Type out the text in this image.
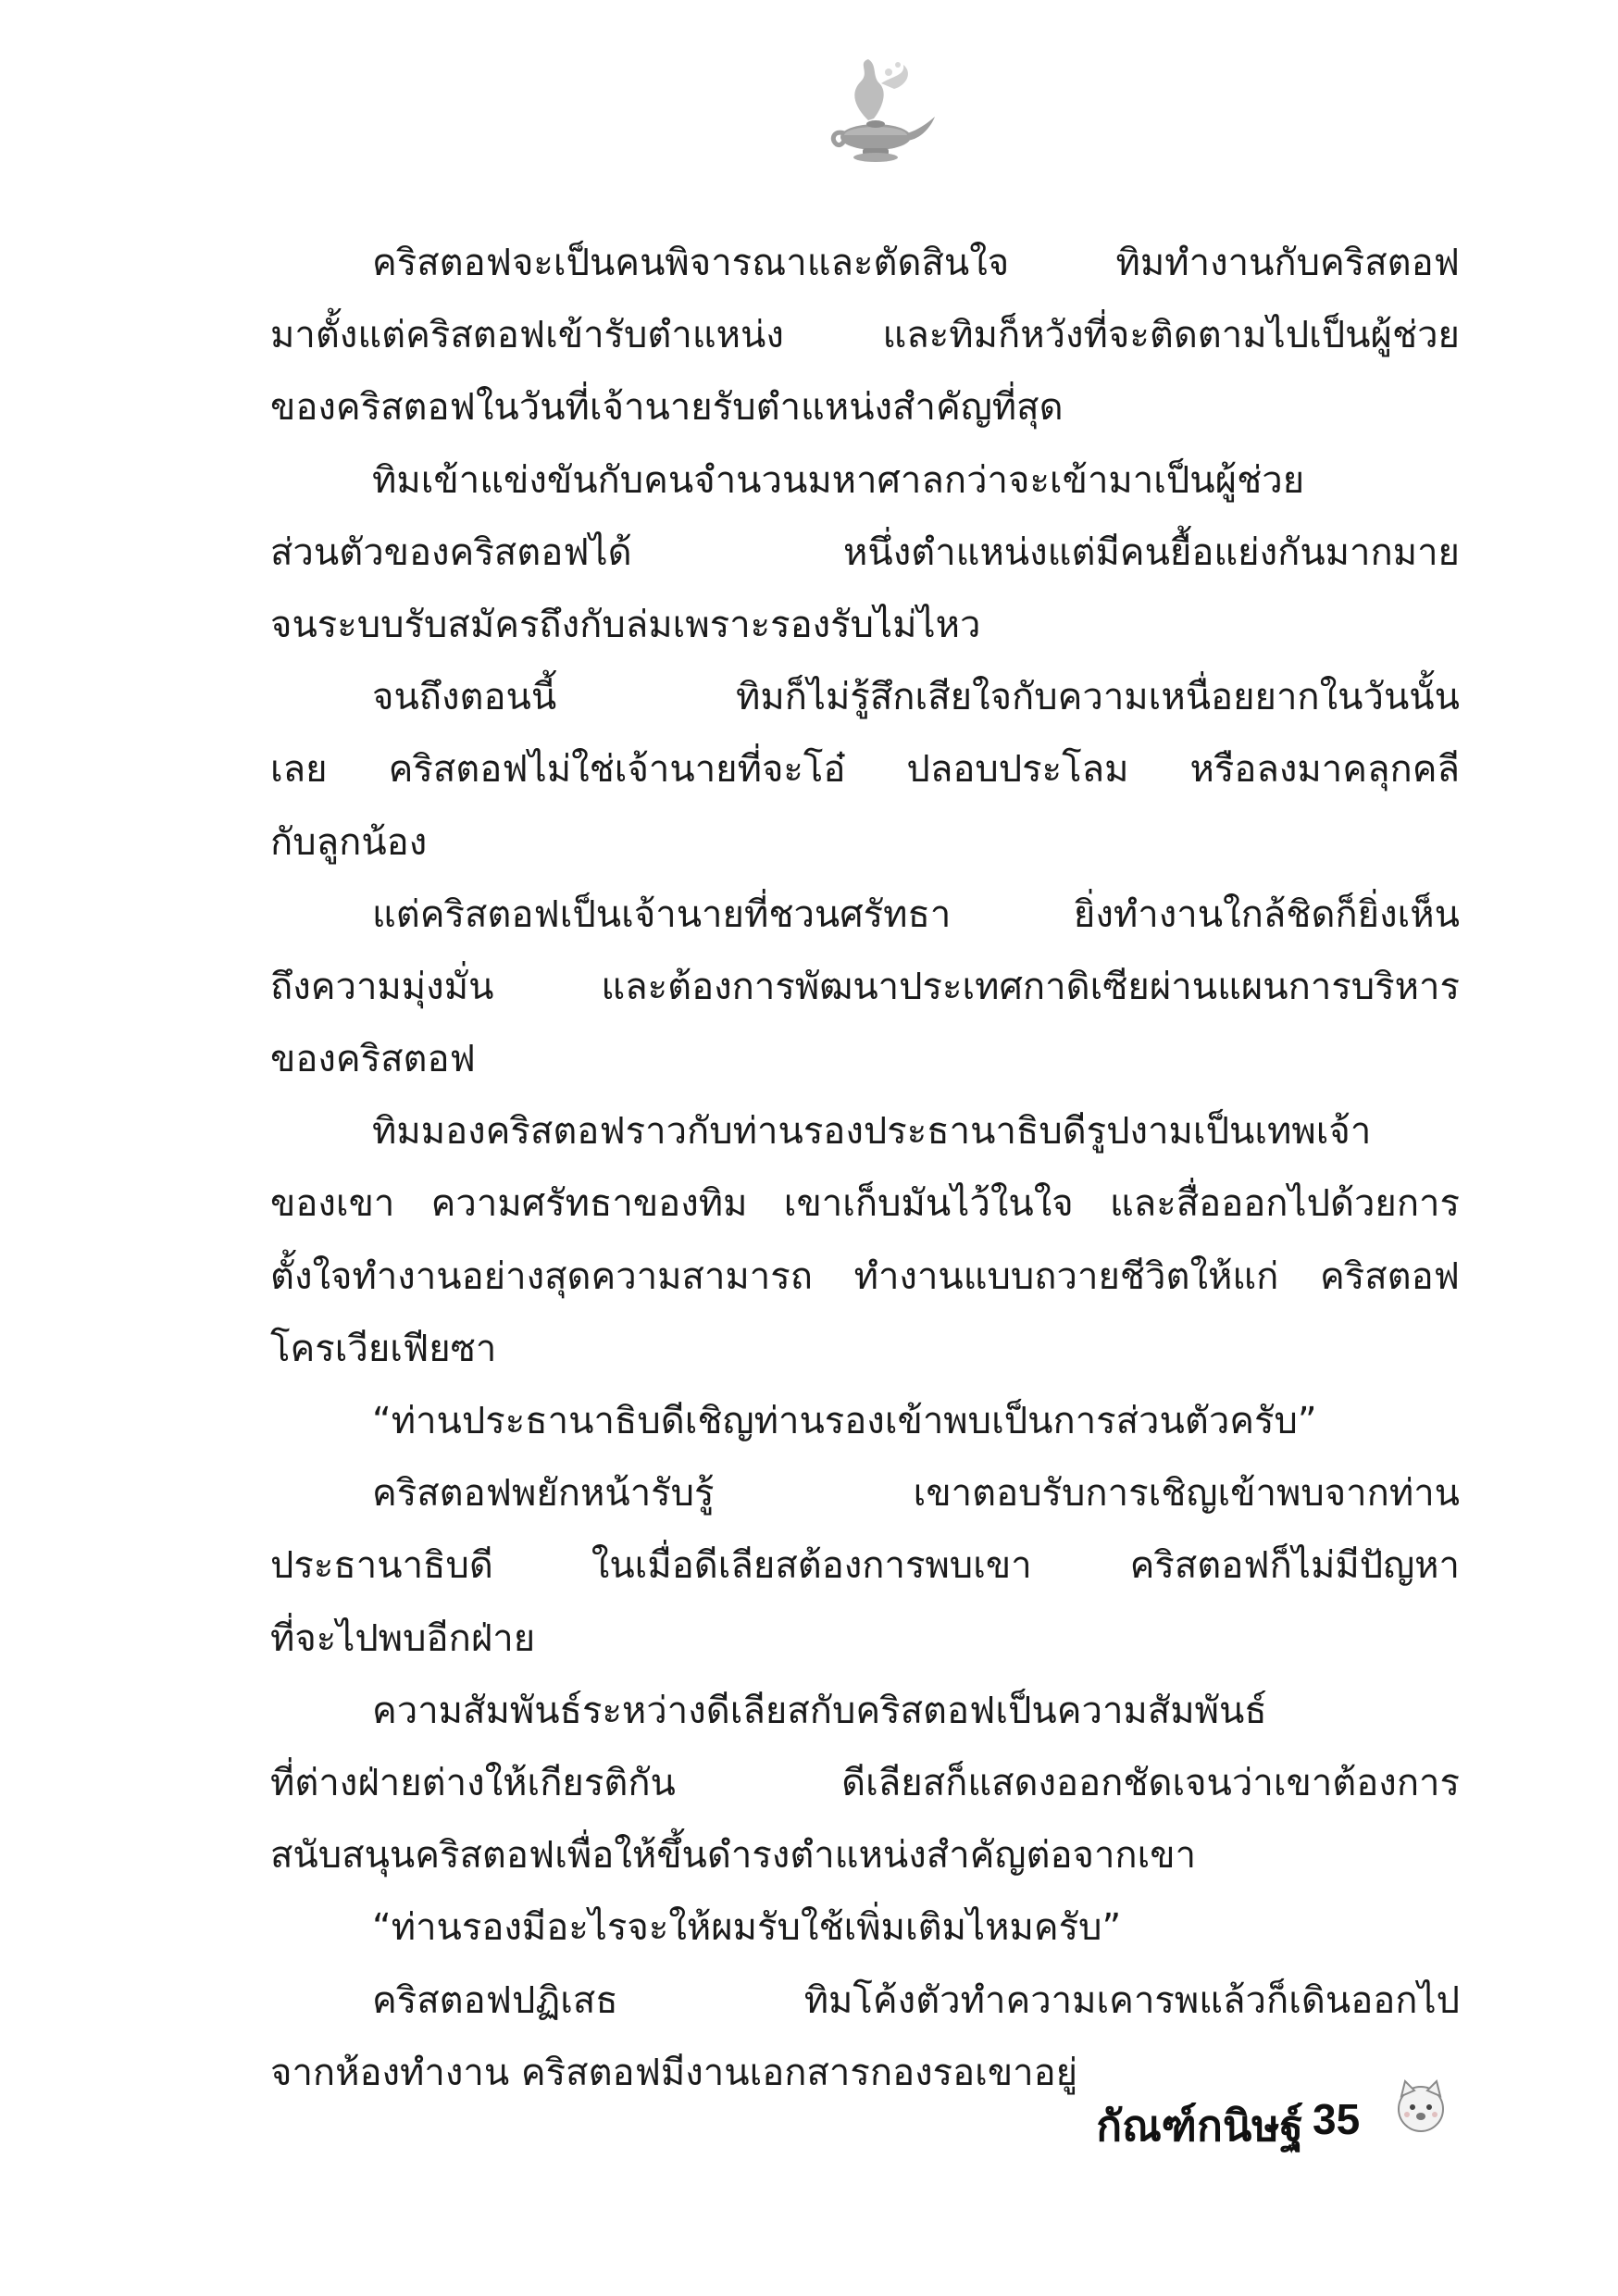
คริสตอฟจะเป็นคนพิจารณาและตัดสินใจ ทิมทำงานกับคริสตอฟ
มาตั้งแต่คริสตอฟเข้ารับตำแหน่ง และทิมก็หวังที่จะติดตามไปเป็นผู้ช่วย
ของคริสตอฟในวันที่เจ้านายรับตำแหน่งสำคัญที่สุด
ทิมเข้าแข่งขันกับคนจำนวนมหาศาลกว่าจะเข้ามาเป็นผู้ช่วย
ส่วนตัวของคริสตอฟได้ หนึ่งตำแหน่งแต่มีคนยื้อแย่งกันมากมาย
จนระบบรับสมัครถึงกับล่มเพราะรองรับไม่ไหว
จนถึงตอนนี้ ทิมก็ไม่รู้สึกเสียใจกับความเหนื่อยยากในวันนั้น
เลย คริสตอฟไม่ใช่เจ้านายที่จะโอ๋ ปลอบประโลม หรือลงมาคลุกคลี
กับลูกน้อง
แต่คริสตอฟเป็นเจ้านายที่ชวนศรัทธา ยิ่งทำงานใกล้ชิดก็ยิ่งเห็น
ถึงความมุ่งมั่น และต้องการพัฒนาประเทศกาดิเซียผ่านแผนการบริหาร
ของคริสตอฟ
ทิมมองคริสตอฟราวกับท่านรองประธานาธิบดีรูปงามเป็นเทพเจ้า
ของเขา ความศรัทธาของทิม เขาเก็บมันไว้ในใจ และสื่อออกไปด้วยการ
ตั้งใจทำงานอย่างสุดความสามารถ ทำงานแบบถวายชีวิตให้แก่ คริสตอฟ
โครเวียเฟียซา
“ท่านประธานาธิบดีเชิญท่านรองเข้าพบเป็นการส่วนตัวครับ”
คริสตอฟพยักหน้ารับรู้ เขาตอบรับการเชิญเข้าพบจากท่าน
ประธานาธิบดี ในเมื่อดีเลียสต้องการพบเขา คริสตอฟก็ไม่มีปัญหา
ที่จะไปพบอีกฝ่าย
ความสัมพันธ์ระหว่างดีเลียสกับคริสตอฟเป็นความสัมพันธ์
ที่ต่างฝ่ายต่างให้เกียรติกัน ดีเลียสก็แสดงออกชัดเจนว่าเขาต้องการ
สนับสนุนคริสตอฟเพื่อให้ขึ้นดำรงตำแหน่งสำคัญต่อจากเขา
“ท่านรองมีอะไรจะให้ผมรับใช้เพิ่มเติมไหมครับ”
คริสตอฟปฏิเสธ ทิมโค้งตัวทำความเคารพแล้วก็เดินออกไป
จากห้องทำงาน คริสตอฟมีงานเอกสารกองรอเขาอยู่
กัณฑ์กนิษฐ์ 35
